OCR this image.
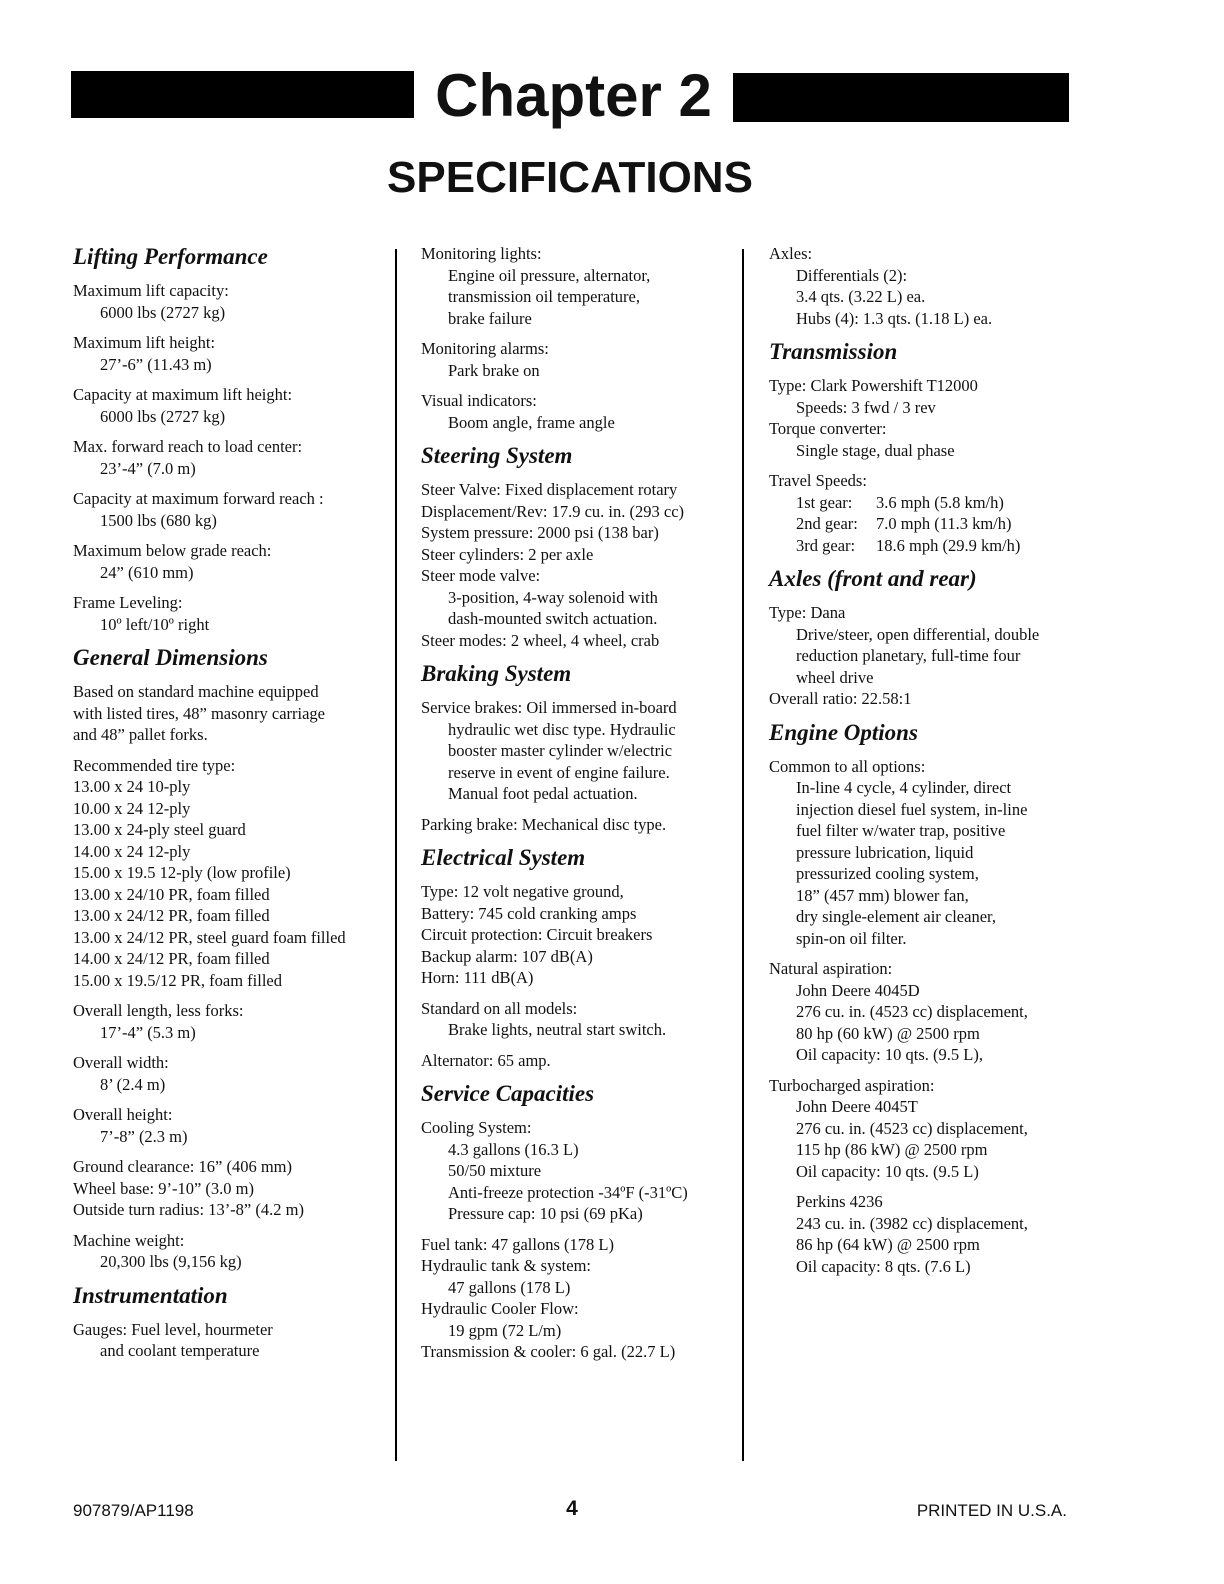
Chapter 2
SPECIFICATIONS
Lifting Performance
Maximum lift capacity:
6000 lbs (2727 kg)
Maximum lift height:
27’-6” (11.43 m)
Capacity at maximum lift height:
6000 lbs (2727 kg)
Max. forward reach to load center:
23’-4” (7.0 m)
Capacity at maximum forward reach :
1500 lbs (680 kg)
Maximum below grade reach:
24” (610 mm)
Frame Leveling:
10º left/10º right
General Dimensions
Based on standard machine equipped
with listed tires, 48” masonry carriage
and 48” pallet forks.
Recommended tire type:
13.00 x 24 10-ply
10.00 x 24 12-ply
13.00 x 24-ply steel guard
14.00 x 24 12-ply
15.00 x 19.5 12-ply (low profile)
13.00 x 24/10 PR, foam filled
13.00 x 24/12 PR, foam filled
13.00 x 24/12 PR, steel guard foam filled
14.00 x 24/12 PR, foam filled
15.00 x 19.5/12 PR, foam filled
Overall length, less forks:
17’-4” (5.3 m)
Overall width:
8’ (2.4 m)
Overall height:
7’-8” (2.3 m)
Ground clearance: 16” (406 mm)
Wheel base: 9’-10” (3.0 m)
Outside turn radius: 13’-8” (4.2 m)
Machine weight:
20,300 lbs (9,156 kg)
Instrumentation
Gauges: Fuel level, hourmeter
and coolant temperature
Monitoring lights:
Engine oil pressure, alternator,
transmission oil temperature,
brake failure
Monitoring alarms:
Park brake on
Visual indicators:
Boom angle, frame angle
Steering System
Steer Valve: Fixed displacement rotary
Displacement/Rev: 17.9 cu. in. (293 cc)
System pressure: 2000 psi (138 bar)
Steer cylinders: 2 per axle
Steer mode valve:
3-position, 4-way solenoid with
dash-mounted switch actuation.
Steer modes: 2 wheel, 4 wheel, crab
Braking System
Service brakes: Oil immersed in-board
hydraulic wet disc type. Hydraulic
booster master cylinder w/electric
reserve in event of engine failure.
Manual foot pedal actuation.
Parking brake: Mechanical disc type.
Electrical System
Type: 12 volt negative ground,
Battery: 745 cold cranking amps
Circuit protection: Circuit breakers
Backup alarm: 107 dB(A)
Horn: 111 dB(A)
Standard on all models:
Brake lights, neutral start switch.
Alternator: 65 amp.
Service Capacities
Cooling System:
4.3 gallons (16.3 L)
50/50 mixture
Anti-freeze protection -34ºF (-31ºC)
Pressure cap: 10 psi (69 pKa)
Fuel tank: 47 gallons (178 L)
Hydraulic tank & system:
47 gallons (178 L)
Hydraulic Cooler Flow:
19 gpm (72 L/m)
Transmission & cooler: 6 gal. (22.7 L)
Axles:
Differentials (2):
3.4 qts. (3.22 L) ea.
Hubs (4): 1.3 qts. (1.18 L) ea.
Transmission
Type: Clark Powershift T12000
Speeds: 3 fwd / 3 rev
Torque converter:
Single stage, dual phase
Travel Speeds:
1st gear: 3.6 mph (5.8 km/h)
2nd gear: 7.0 mph (11.3 km/h)
3rd gear: 18.6 mph (29.9 km/h)
Axles (front and rear)
Type: Dana
Drive/steer, open differential, double
reduction planetary, full-time four
wheel drive
Overall ratio: 22.58:1
Engine Options
Common to all options:
In-line 4 cycle, 4 cylinder, direct
injection diesel fuel system, in-line
fuel filter w/water trap, positive
pressure lubrication, liquid
pressurized cooling system,
18” (457 mm) blower fan,
dry single-element air cleaner,
spin-on oil filter.
Natural aspiration:
John Deere 4045D
276 cu. in. (4523 cc) displacement,
80 hp (60 kW) @ 2500 rpm
Oil capacity: 10 qts. (9.5 L),
Turbocharged aspiration:
John Deere 4045T
276 cu. in. (4523 cc) displacement,
115 hp (86 kW) @ 2500 rpm
Oil capacity: 10 qts. (9.5 L)
Perkins 4236
243 cu. in. (3982 cc) displacement,
86 hp (64 kW) @ 2500 rpm
Oil capacity: 8 qts. (7.6 L)
907879/AP1198	4	PRINTED IN U.S.A.
